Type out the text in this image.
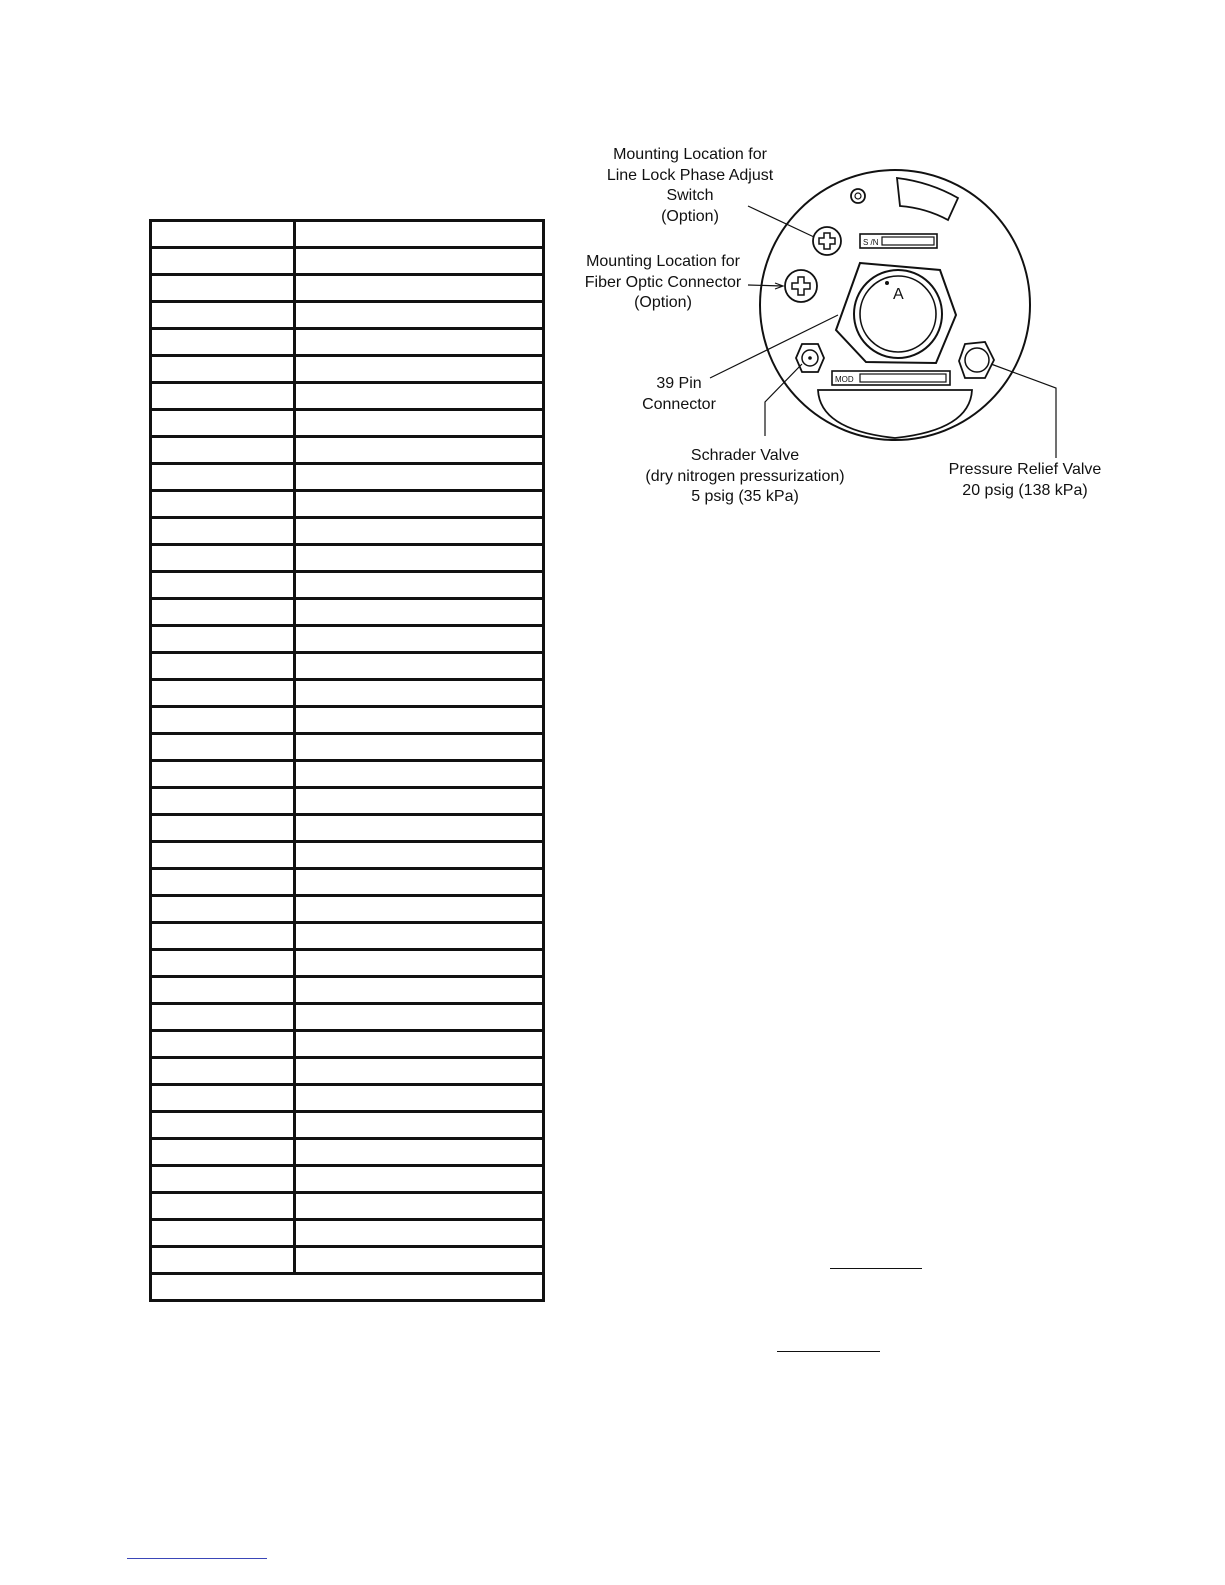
S /N
MOD
A
Mounting Location for
Line Lock Phase Adjust
Switch
(Option)
Mounting Location for
Fiber Optic Connector
(Option)
39 Pin
Connector
Schrader Valve
(dry nitrogen pressurization)
5 psig (35 kPa)
Pressure Relief Valve
20 psig (138 kPa)
